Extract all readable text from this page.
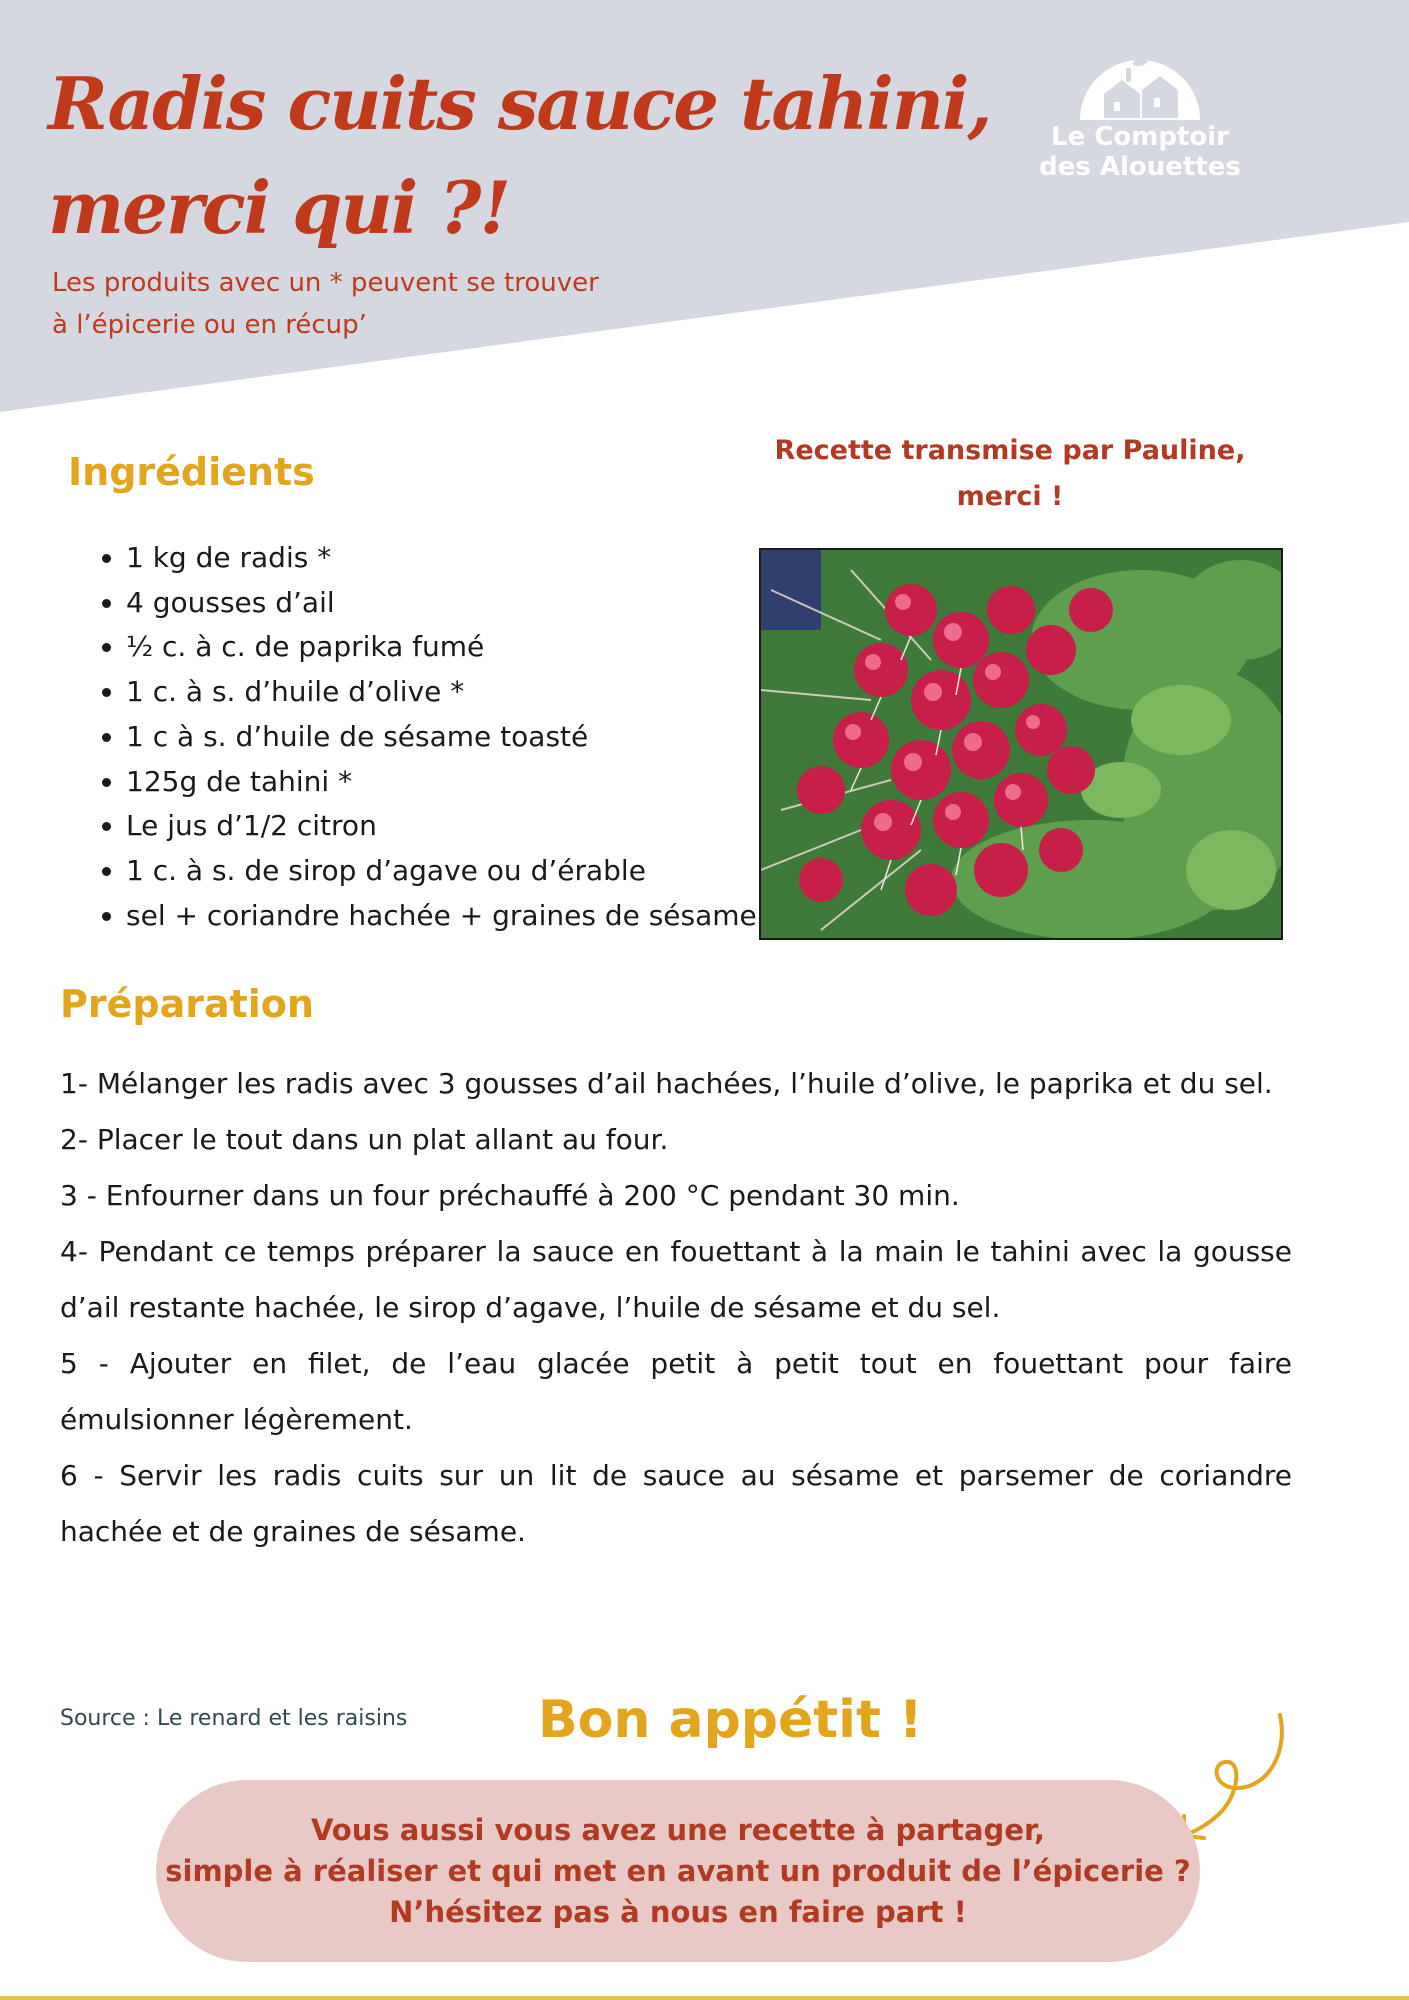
Radis cuits sauce tahini,
merci qui ?!
Les produits avec un * peuvent se trouver
à l’épicerie ou en récup’
Le Comptoir
des Alouettes
Ingrédients
• 1 kg de radis *
• 4 gousses d’ail
• ½ c. à c. de paprika fumé
• 1 c. à s. d’huile d’olive *
• 1 c à s. d’huile de sésame toasté
• 125g de tahini *
• Le jus d’1/2 citron
• 1 c. à s. de sirop d’agave ou d’érable
• sel + coriandre hachée + graines de sésame
Recette transmise par Pauline,
merci !
Préparation

1- Mélanger les radis avec 3 gousses d’ail hachées, l’huile d’olive, le paprika et du sel.

2- Placer le tout dans un plat allant au four.

3 - Enfourner dans un four préchauffé à 200 °C pendant 30 min.

4- Pendant ce temps préparer la sauce en fouettant à la main le tahini avec la gousse d’ail restante hachée, le sirop d’agave, l’huile de sésame et du sel.

5 - Ajouter en filet, de l’eau glacée petit à petit tout en fouettant pour faire émulsionner légèrement.

6 - Servir les radis cuits sur un lit de sauce au sésame et parsemer de coriandre hachée et de graines de sésame.

Source : Le renard et les raisins	Bon appétit !
Vous aussi vous avez une recette à partager,
simple à réaliser et qui met en avant un produit de l’épicerie ?
N’hésitez pas à nous en faire part !
